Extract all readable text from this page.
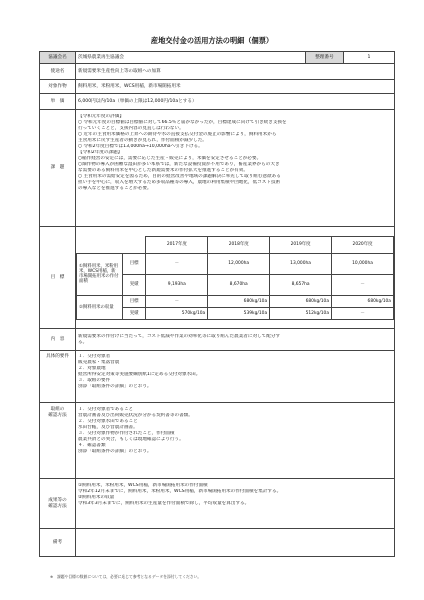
産地交付金の活用方法の明細（個票）
協議会名	茨城県農業再生協議会	整理番号	1
使途名	新規需要米生産性向上等の取組への加算
対象作物	飼料用米，米粉用米，WCS用稲，新市場開拓用米
単　価	6,000円以内/10a（単価の上限は12,000円/10aとする）
課　題	
【令和元年度の評価】
○ 令和元年度の目標値は目標値に対して66.5％と届かなかったが，目標達成に向けて引き続き支援を
行っていくことと，支援内容の見直しは行わない。
○ 近年の主食用米価格の上昇への期待や水の直接支払交付金の廃止の影響により，飼料用米から
主食用米に戻す生産者の動きが見られ，作付面積が減少した。
○ 令和2年度目標では13,000ha→10,000haへ引き下げる。
【令和2年度の課題】
○稲作経営の安定には，需要に応じた生産・販売により，米価を安定させることが必要。
○畑作物の導入が困難な湿田が多い本県では，新たな設備投資が不用であり，畜産業界からの大き
な需要のある飼料用米を中心とした新規需要米の作付拡大を推進することが有効。
○ 主食用米の需給安定を図るため，目的の経営改善や地域の課題解決に率先して取り組む意欲ある
担い手を中心に，収入を増大するため多収品種等の導入，農地の利用集積や団地化，低コスト技術
の導入などを推進することが必要。

目　標	
	2017年度	2018年度	2019年度	2020年度
①飼料用米，米粉用米，WCS用稲，新市場開拓用米の作付面積	目標	－	12,000ha	13,000ha	10,000ha
実績	9,193ha	8,670ha	8,657ha	－
②飼料用米の収量	目標	－	680kg/10a	680kg/10a	680kg/10a
実績	570kg/10a	539kg/10a	512kg/10a	－

内　容	
新規需要米の作付けに当たって，コスト低減や作業の効率化等に取り組んだ農業者に対して配分す
る。

具体的要件	１．交付対象者
販売農家・集落営農
２．対象農地
経営所得安定対策等実施要綱別紙1に定める交付対象水田。
３．取組の要件
別添「取組条件の詳細」のとおり。

取組の
確認方法	
１．交付対象者であること
営農計画書及び出荷販売状況が分かる契約書等の書類。
２．交付対象水田であること
水田台帳，及び営農計画書。
３．交付対象作物が作付されたこと，作付面積
農業共済との突合，もしくは現地確認により行う。
４．確認書類
別添「取組条件の詳細」のとおり。

成果等の
確認方法	
①飼料用米，米粉用米，WCS用稲，新市場開拓用米の作付面積
令和2年12月末までに，飼料用米，米粉用米，WCS用稲，新市場開拓用米の作付面積を集計する。
②飼料用米の収量
令和3年3月末までに，飼料用米の生産量を作付面積で除し，平均収量を算出する。

備考	
※　課題や目標の数値については，必要に応じて参考となるデータを添付してください。
